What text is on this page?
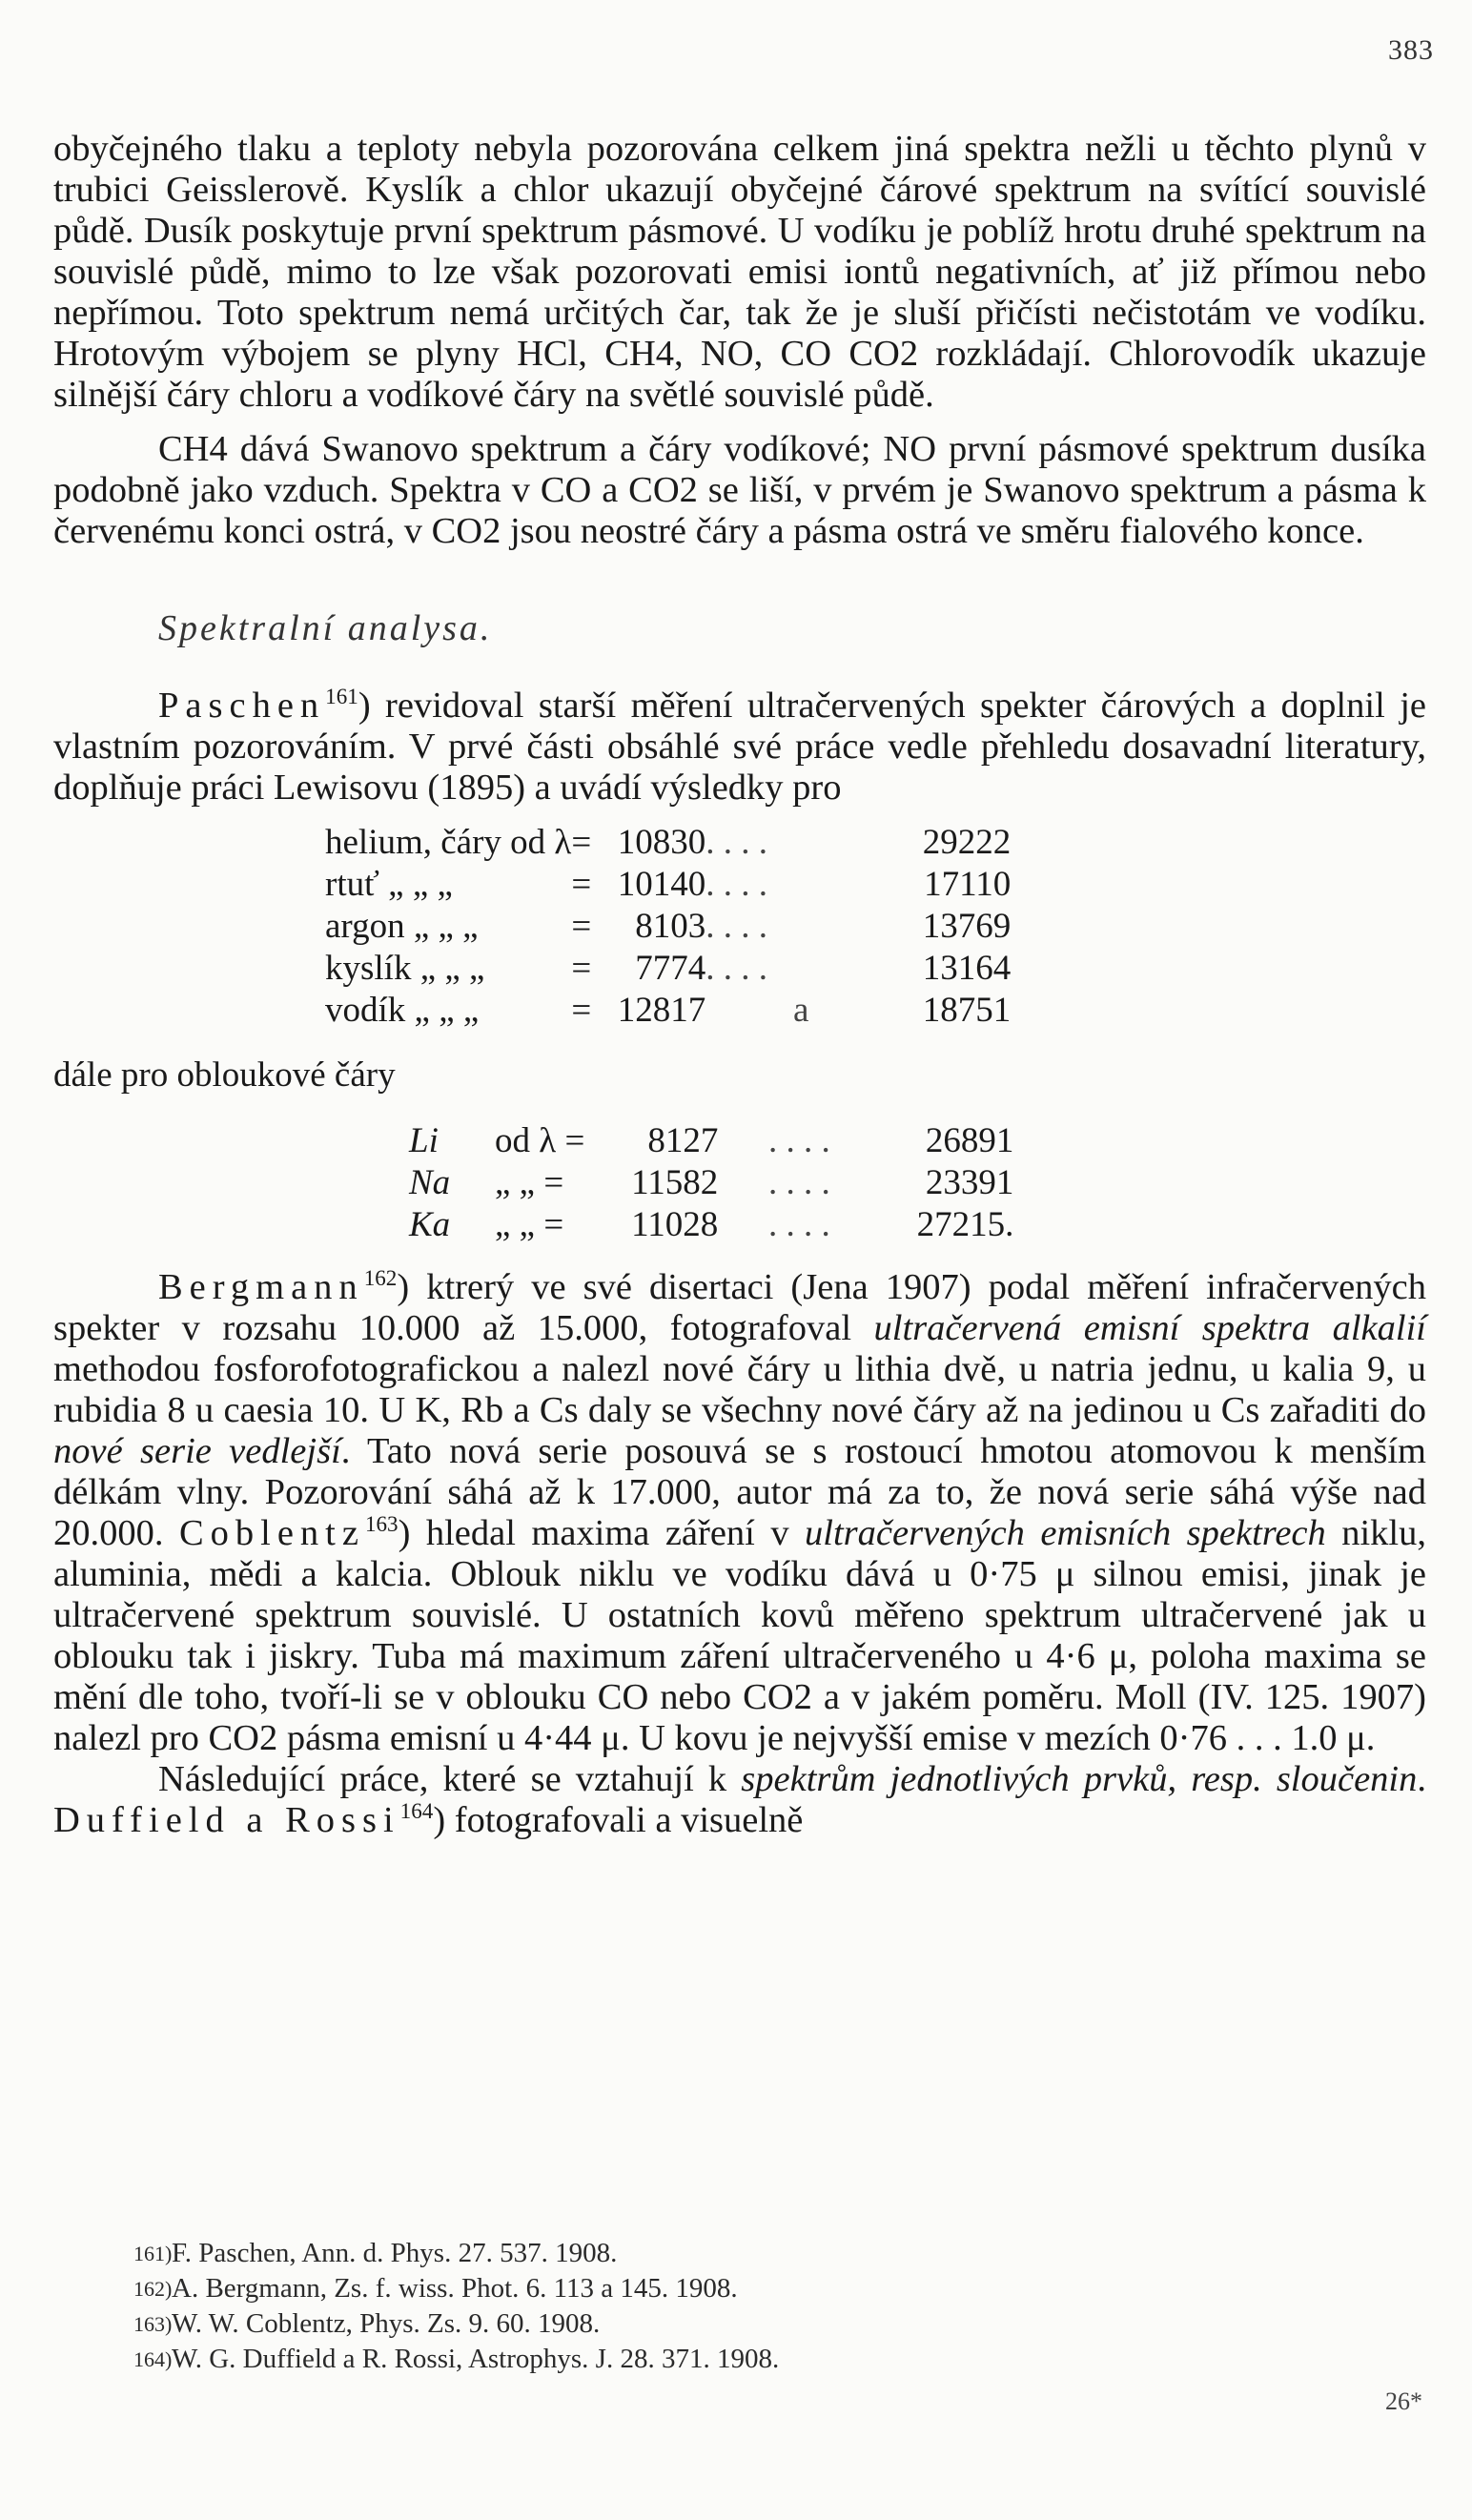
383

obyčejného tlaku a teploty nebyla pozorována celkem jiná spektra nežli u těchto plynů v trubici Geisslerově. Kyslík a chlor ukazují obyčejné čárové spektrum na svítící souvislé půdě. Dusík poskytuje první spektrum pásmové. U vodíku je poblíž hrotu druhé spektrum na souvislé půdě, mimo to lze však pozorovati emisi iontů negativních, ať již přímou nebo nepřímou. Toto spektrum nemá určitých čar, tak že je sluší přičísti nečistotám ve vodíku. Hrotovým výbojem se plyny HCl, CH4, NO, CO CO2 rozkládají. Chlorovodík ukazuje silnější čáry chloru a vodíkové čáry na světlé souvislé půdě.

CH4 dává Swanovo spektrum a čáry vodíkové; NO první pásmové spektrum dusíka podobně jako vzduch. Spektra v CO a CO2 se liší, v prvém je Swanovo spektrum a pásma k červenému konci ostrá, v CO2 jsou neostré čáry a pásma ostrá ve směru fialového konce.

Spektralní analysa.

Paschen$^{161}$) revidoval starší měření ultračervených spekter čárových a doplnil je vlastním pozorováním. V prvé části obsáhlé své práce vedle přehledu dosavadní literatury, doplňuje práci Lewisovu (1895) a uvádí výsledky pro

helium, čáry od λ	=	10830	. . . .	29222
rtuť „ „ „	=	10140	. . . .	17110
argon „ „ „	=	8103	. . . .	13769
kyslík „ „ „	=	7774	. . . .	13164
vodík „ „ „	=	12817	a	18751
dále pro obloukové čáry
Li	od λ =	8127	. . . .	26891
Na	„ „ =	11582	. . . .	23391
Ka	„ „ =	11028	. . . .	27215.

Bergmann$^{162}$) ktrerý ve své disertaci (Jena 1907) podal měření infračervených spekter v rozsahu 10.000 až 15.000, fotografoval ultračervená emisní spektra alkalií methodou fosforofotografickou a nalezl nové čáry u lithia dvě, u natria jednu, u kalia 9, u rubidia 8 u caesia 10. U K, Rb a Cs daly se všechny nové čáry až na jedinou u Cs zařaditi do nové serie vedlejší. Tato nová serie posouvá se s rostoucí hmotou atomovou k menším délkám vlny. Pozorování sáhá až k 17.000, autor má za to, že nová serie sáhá výše nad 20.000. Coblentz$^{163}$) hledal maxima záření v ultračervených emisních spektrech niklu, aluminia, mědi a kalcia. Oblouk niklu ve vodíku dává u 0·75 μ silnou emisi, jinak je ultračervené spektrum souvislé. U ostatních kovů měřeno spektrum ultračervené jak u oblouku tak i jiskry. Tuba má maximum záření ultračerveného u 4·6 μ, poloha maxima se mění dle toho, tvoří-li se v oblouku CO nebo CO2 a v jakém poměru. Moll (IV. 125. 1907) nalezl pro CO2 pásma emisní u 4·44 μ. U kovu je nejvyšší emise v mezích 0·76 . . . 1.0 μ.

Následující práce, které se vztahují k spektrům jednotlivých prvků, resp. sloučenin. Duffield a Rossi$^{164}$) fotografovali a visuelně

161)F. Paschen, Ann. d. Phys. 27. 537. 1908.
162)A. Bergmann, Zs. f. wiss. Phot. 6. 113 a 145. 1908.
163)W. W. Coblentz, Phys. Zs. 9. 60. 1908.
164)W. G. Duffield a R. Rossi, Astrophys. J. 28. 371. 1908.
26*
